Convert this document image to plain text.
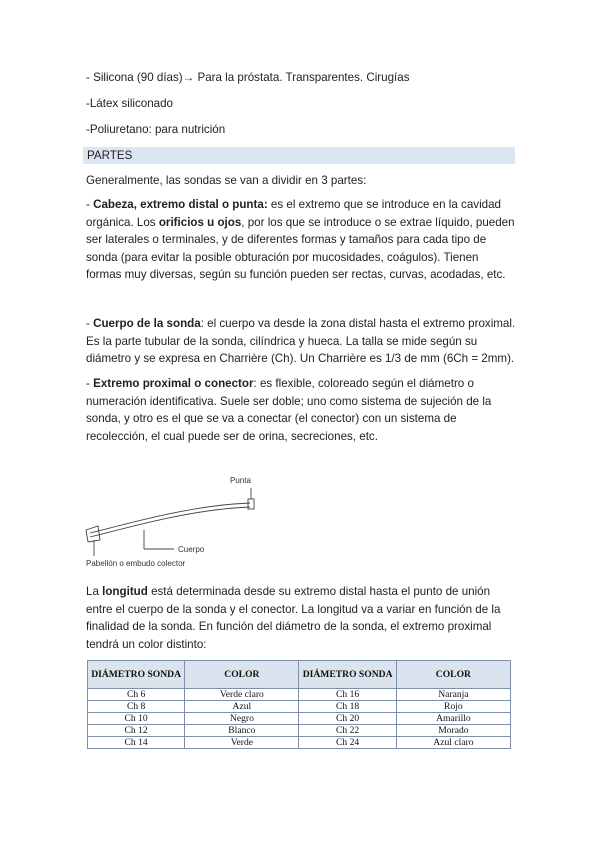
- Silicona (90 días)→ Para la próstata. Transparentes. Cirugías

-Látex siliconado

-Poliuretano: para nutrición

PARTES

Generalmente, las sondas se van a dividir en 3 partes:

- Cabeza, extremo distal o punta: es el extremo que se introduce en la cavidad orgánica. Los orificios u ojos, por los que se introduce o se extrae líquido, pueden ser laterales o terminales, y de diferentes formas y tamaños para cada tipo de sonda (para evitar la posible obturación por mucosidades, coágulos). Tienen formas muy diversas, según su función pueden ser rectas, curvas, acodadas, etc.

- Cuerpo de la sonda: el cuerpo va desde la zona distal hasta el extremo proximal. Es la parte tubular de la sonda, cilíndrica y hueca. La talla se mide según su diámetro y se expresa en Charrière (Ch). Un Charrière es 1/3 de mm (6Ch = 2mm).

- Extremo proximal o conector: es flexible, coloreado según el diámetro o numeración identificativa. Suele ser doble; uno como sistema de sujeción de la sonda, y otro es el que se va a conectar (el conector) con un sistema de recolección, el cual puede ser de orina, secreciones, etc.

Punta
Cuerpo
Pabellón o embudo colector

La longitud está determinada desde su extremo distal hasta el punto de unión entre el cuerpo de la sonda y el conector. La longitud va a variar en función de la finalidad de la sonda. En función del diámetro de la sonda, el extremo proximal tendrá un color distinto:

DIÁMETRO SONDA	COLOR	DIÁMETRO SONDA	COLOR
Ch 6	Verde claro	Ch 16	Naranja
Ch 8	Azul	Ch 18	Rojo
Ch 10	Negro	Ch 20	Amarillo
Ch 12	Blanco	Ch 22	Morado
Ch 14	Verde	Ch 24	Azul claro
